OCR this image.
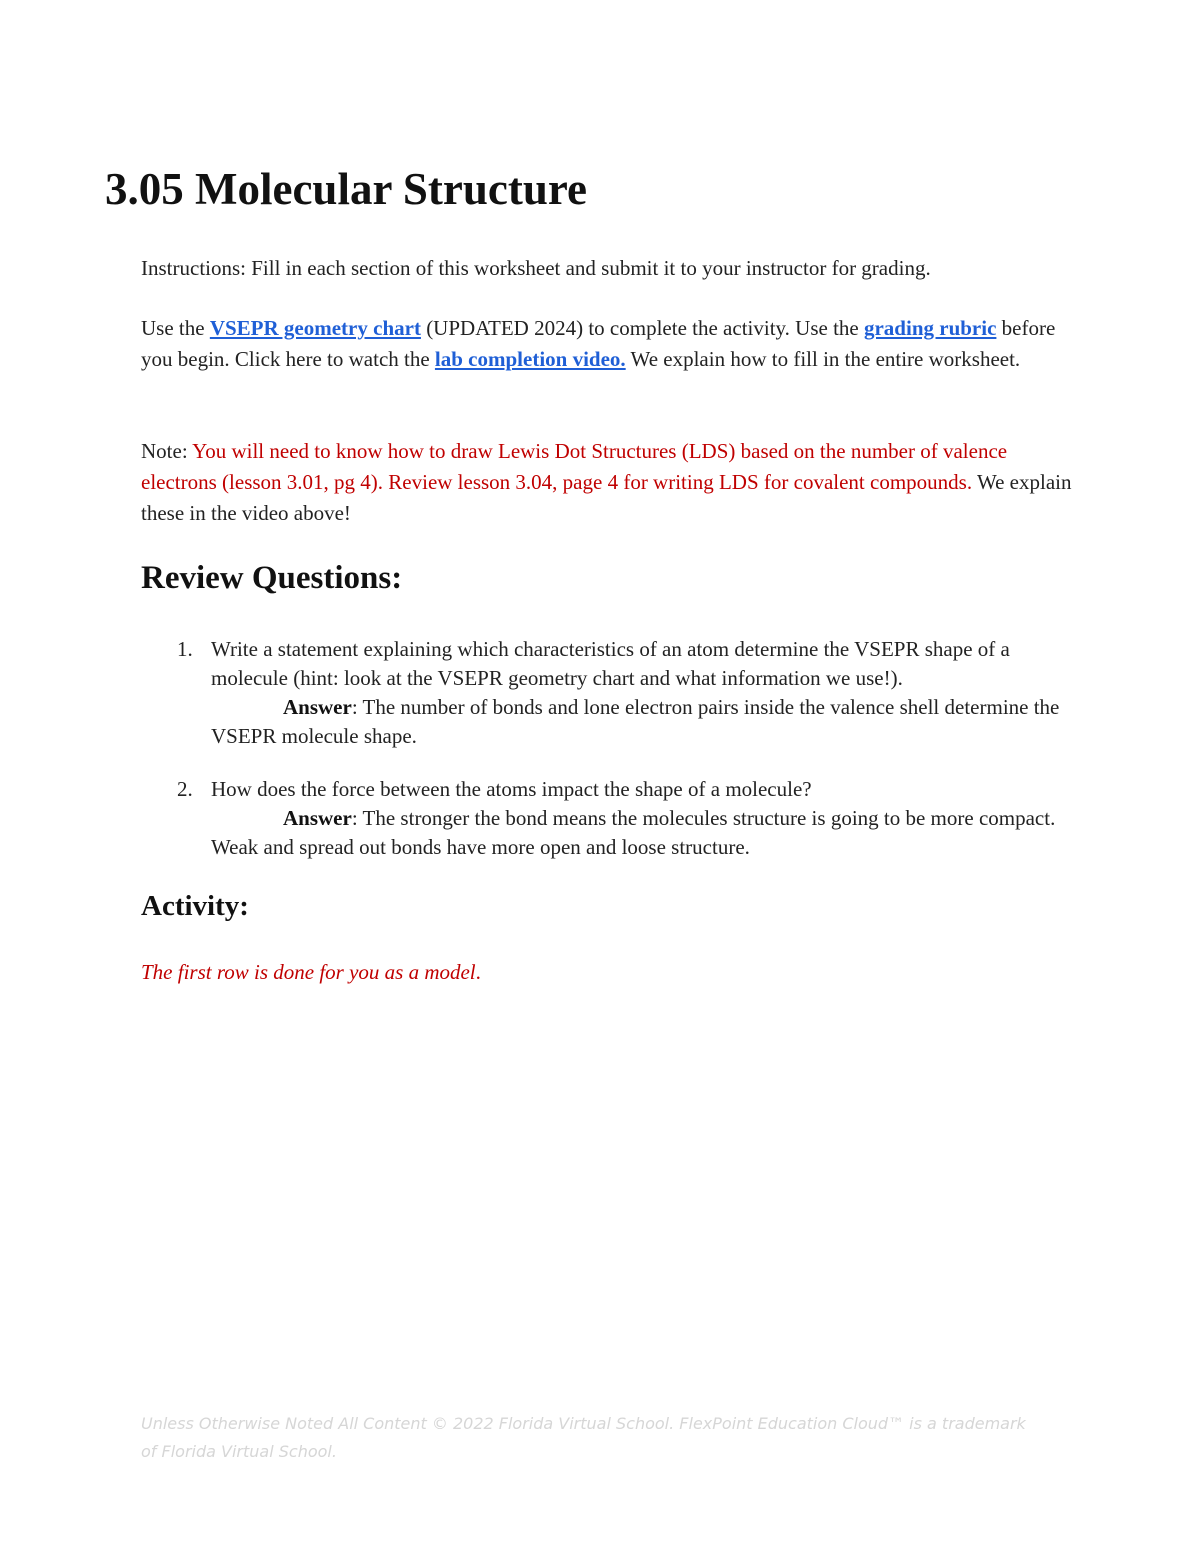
3.05 Molecular Structure

Instructions: Fill in each section of this worksheet and submit it to your instructor for grading.

Use the VSEPR geometry chart (UPDATED 2024) to complete the activity. Use the grading rubric before you begin. Click here to watch the lab completion video. We explain how to fill in the entire worksheet.

Note: You will need to know how to draw Lewis Dot Structures (LDS) based on the number of valence electrons (lesson 3.01, pg 4). Review lesson 3.04, page 4 for writing LDS for covalent compounds. We explain these in the video above!

Review Questions:
1. Write a statement explaining which characteristics of an atom determine the VSEPR shape of a molecule (hint: look at the VSEPR geometry chart and what information we use!).
Answer: The number of bonds and lone electron pairs inside the valence shell determine the VSEPR molecule shape.
2. How does the force between the atoms impact the shape of a molecule?
Answer: The stronger the bond means the molecules structure is going to be more compact. Weak and spread out bonds have more open and loose structure.
Activity:

The first row is done for you as a model.

Unless Otherwise Noted All Content © 2022 Florida Virtual School. FlexPoint Education Cloud™ is a trademark of Florida Virtual School.
